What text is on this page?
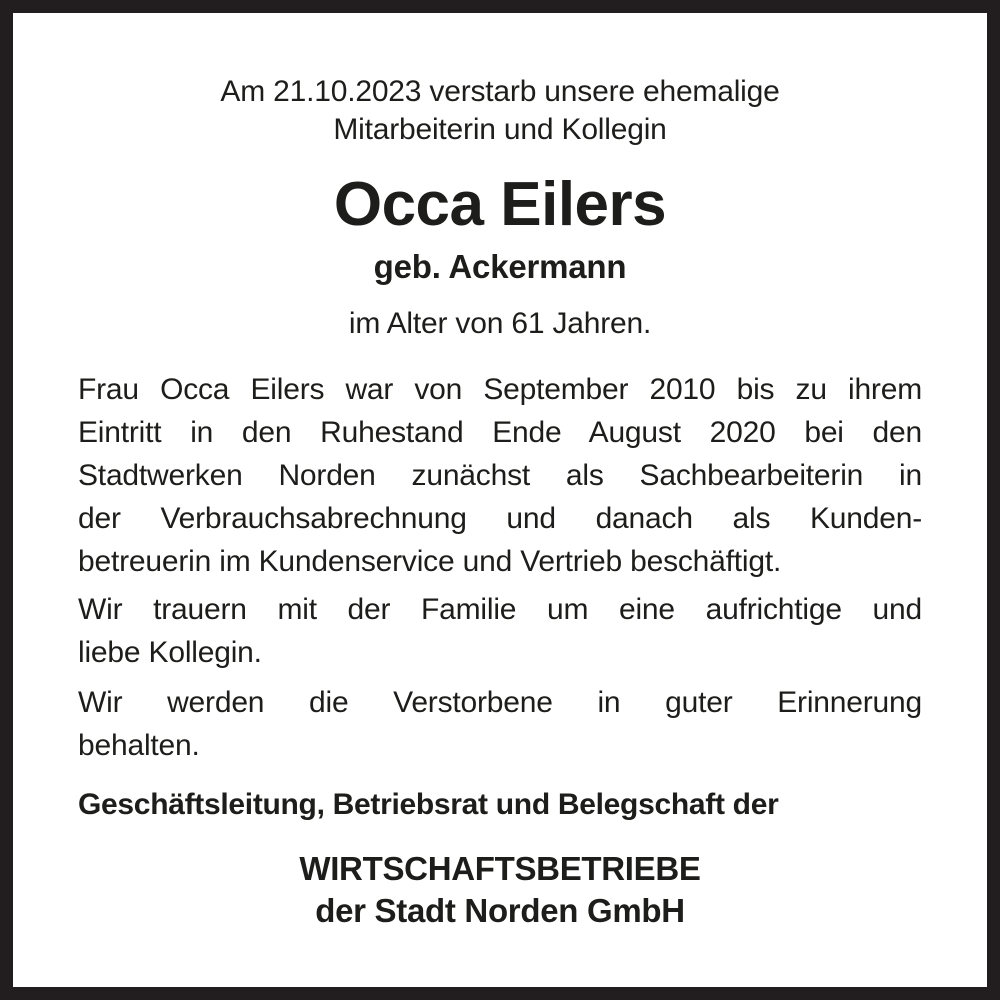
Am 21.10.2023 verstarb unsere ehemalige
Mitarbeiterin und Kollegin
Occa Eilers
geb. Ackermann
im Alter von 61 Jahren.
Frau Occa Eilers war von September 2010 bis zu ihrem
Eintritt in den Ruhestand Ende August 2020 bei den
Stadtwerken Norden zunächst als Sachbearbeiterin in
der Verbrauchsabrechnung und danach als Kunden-
betreuerin im Kundenservice und Vertrieb beschäftigt.
Wir trauern mit der Familie um eine aufrichtige und
liebe Kollegin.
Wir werden die Verstorbene in guter Erinnerung
behalten.
Geschäftsleitung, Betriebsrat und Belegschaft der
WIRTSCHAFTSBETRIEBE
der Stadt Norden GmbH
